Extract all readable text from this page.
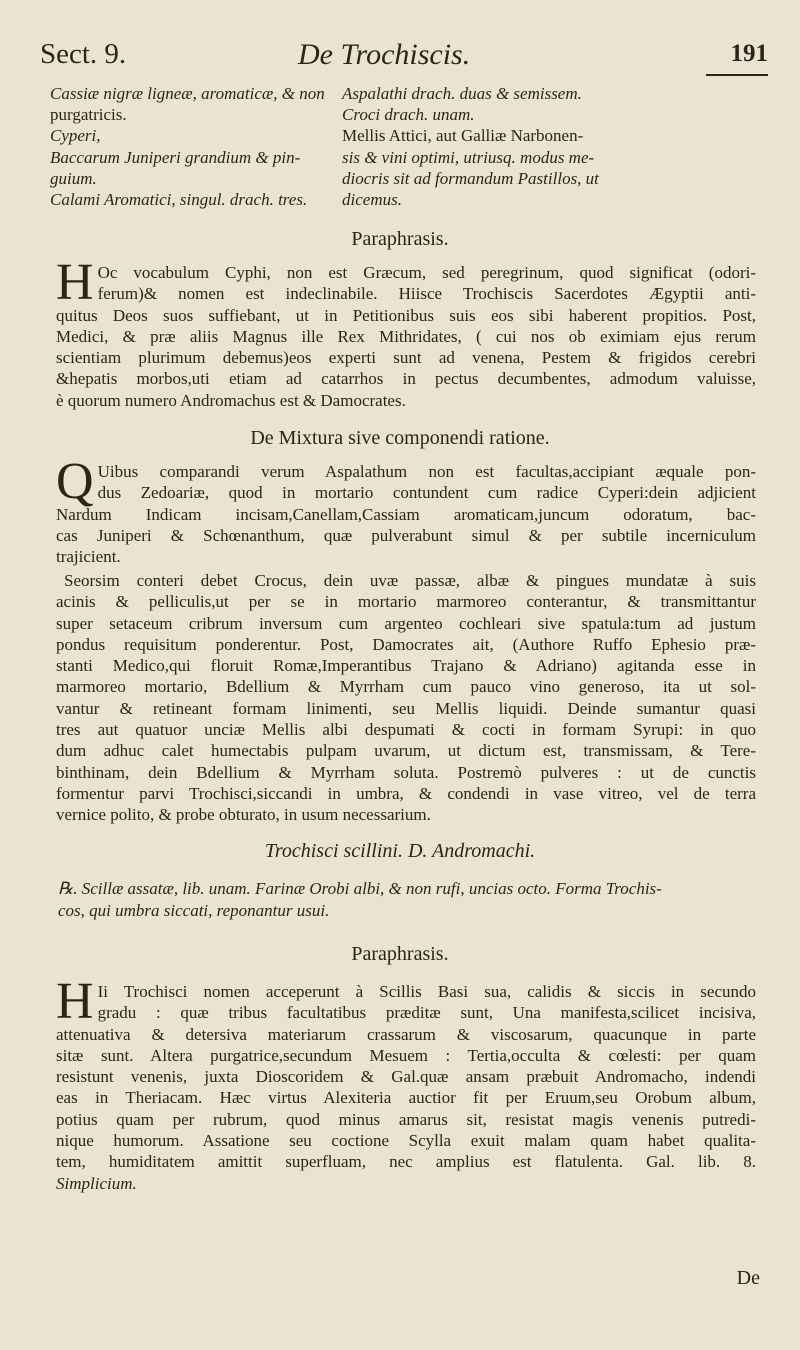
Sect. 9.	De Trochiscis.	191
Cassiæ nigræ ligneæ, aromaticæ, & non
purgatricis.
Cyperi,
Baccarum Juniperi grandium & pin-
guium.
Calami Aromatici, singul. drach. tres.
Aspalathi drach. duas & semissem.
Croci drach. unam.
Mellis Attici, aut Galliæ Narbonen-
sis & vini optimi, utriusq. modus me-
diocris sit ad formandum Pastillos, ut
dicemus.
Paraphrasis.
H Oc vocabulum Cyphi, non est Græcum, sed peregrinum, quod significat (odori-
ferum)& nomen est indeclinabile. Hiisce Trochiscis Sacerdotes Ægyptii anti-
quitus Deos suos suffiebant, ut in Petitionibus suis eos sibi haberent propitios. Post,
Medici, & præ aliis Magnus ille Rex Mithridates, ( cui nos ob eximiam ejus rerum
scientiam plurimum debemus)eos experti sunt ad venena, Pestem & frigidos cerebri
&hepatis morbos,uti etiam ad catarrhos in pectus decumbentes, admodum valuisse,
è quorum numero Andromachus est & Damocrates.
De Mixtura sive componendi ratione.
Q Uibus comparandi verum Aspalathum non est facultas,accipiant æquale pon-
dus Zedoariæ, quod in mortario contundent cum radice Cyperi:dein adjicient
Nardum Indicam incisam,Canellam,Cassiam aromaticam,juncum odoratum, bac-
cas Juniperi & Schœnanthum, quæ pulverabunt simul & per subtile incerniculum
trajicient.
Seorsim conteri debet Crocus, dein uvæ passæ, albæ & pingues mundatæ à suis
acinis & pelliculis,ut per se in mortario marmoreo conterantur, & transmittantur
super setaceum cribrum inversum cum argenteo cochleari sive spatula:tum ad justum
pondus requisitum ponderentur. Post, Damocrates ait, (Authore Ruffo Ephesio præ-
stanti Medico,qui floruit Romæ,Imperantibus Trajano & Adriano) agitanda esse in
marmoreo mortario, Bdellium & Myrrham cum pauco vino generoso, ita ut sol-
vantur & retineant formam linimenti, seu Mellis liquidi. Deinde sumantur quasi
tres aut quatuor unciæ Mellis albi despumati & cocti in formam Syrupi: in quo
dum adhuc calet humectabis pulpam uvarum, ut dictum est, transmissam, & Tere-
binthinam, dein Bdellium & Myrrham soluta. Postremò pulveres : ut de cunctis
formentur parvi Trochisci,siccandi in umbra, & condendi in vase vitreo, vel de terra
vernice polito, & probe obturato, in usum necessarium.
Trochisci scillini. D. Andromachi.
℞. Scillæ assatæ, lib. unam. Farinæ Orobi albi, & non rufi, uncias octo. Forma Trochis-
cos, qui umbra siccati, reponantur usui.
Paraphrasis.
H Ii Trochisci nomen acceperunt à Scillis Basi sua, calidis & siccis in secundo
gradu : quæ tribus facultatibus præditæ sunt, Una manifesta,scilicet incisiva,
attenuativa & detersiva materiarum crassarum & viscosarum, quacunque in parte
sitæ sunt. Altera purgatrice,secundum Mesuem : Tertia,occulta & cœlesti: per quam
resistunt venenis, juxta Dioscoridem & Gal.quæ ansam præbuit Andromacho, indendi
eas in Theriacam. Hæc virtus Alexiteria auctior fit per Eruum,seu Orobum album,
potius quam per rubrum, quod minus amarus sit, resistat magis venenis putredi-
nique humorum. Assatione seu coctione Scylla exuit malam quam habet qualita-
tem, humiditatem amittit superfluam, nec amplius est flatulenta. Gal. lib. 8.
Simplicium.
De
